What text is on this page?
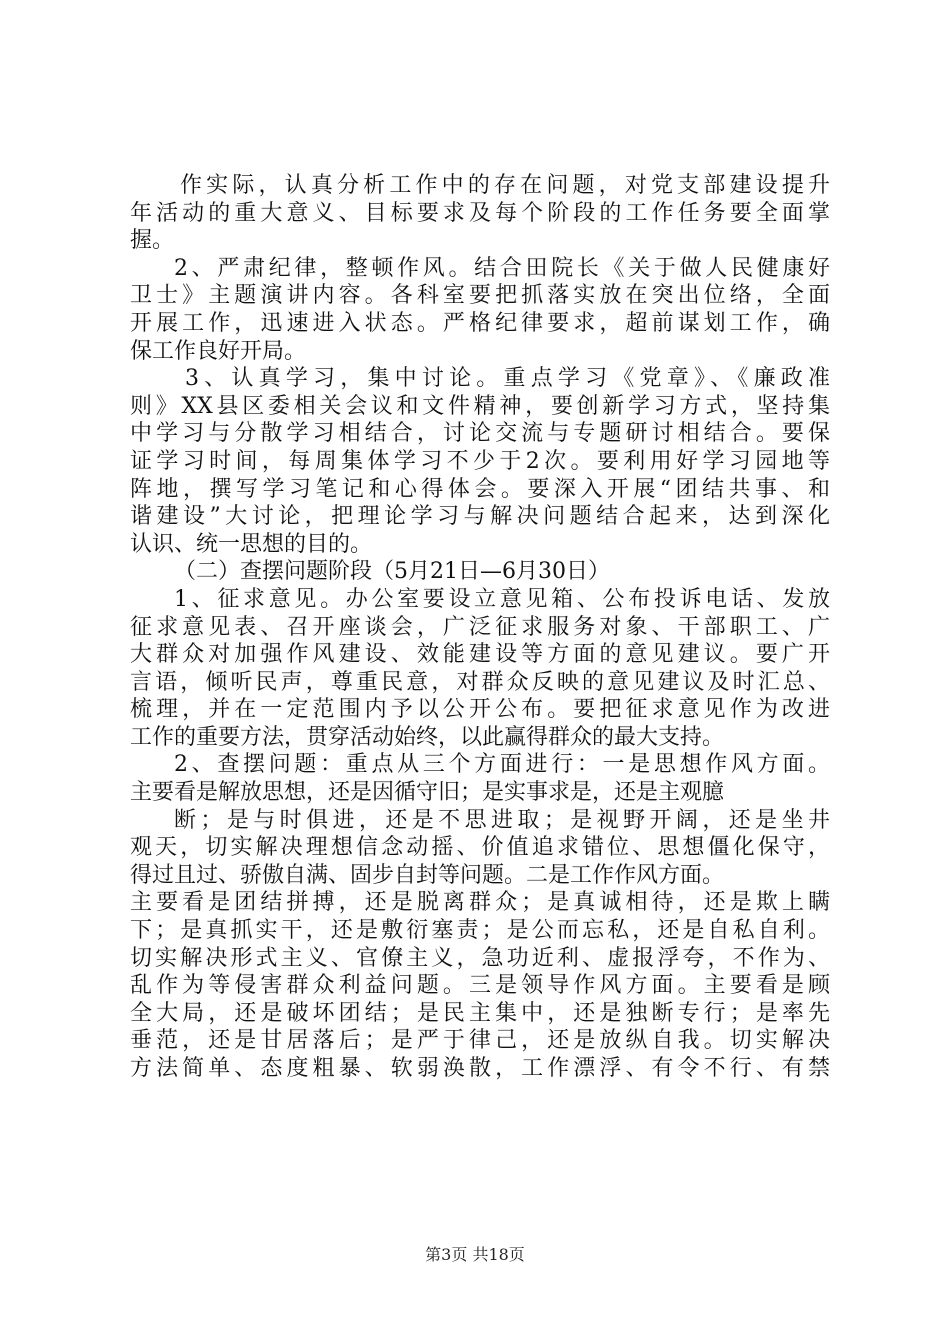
作实际，认真分析工作中的存在问题，对党支部建设提升
年活动的重大意义、目标要求及每个阶段的工作任务要全面掌
握。
2、严肃纪律，整顿作风。结合田院长《关于做人民健康好
卫士》主题演讲内容。各科室要把抓落实放在突出位络，全面
开展工作，迅速进入状态。严格纪律要求，超前谋划工作，确
保工作良好开局。
3、认真学习，集中讨论。重点学习《党章》、《廉政准
则》XX县区委相关会议和文件精神，要创新学习方式，坚持集
中学习与分散学习相结合，讨论交流与专题研讨相结合。要保
证学习时间，每周集体学习不少于2次。要利用好学习园地等
阵地，撰写学习笔记和心得体会。要深入开展“团结共事、和
谐建设”大讨论，把理论学习与解决问题结合起来，达到深化
认识、统一思想的目的。
（二）查摆问题阶段（5月21日—6月30日）
1、征求意见。办公室要设立意见箱、公布投诉电话、发放
征求意见表、召开座谈会，广泛征求服务对象、干部职工、广
大群众对加强作风建设、效能建设等方面的意见建议。要广开
言语，倾听民声，尊重民意，对群众反映的意见建议及时汇总、
梳理，并在一定范围内予以公开公布。要把征求意见作为改进
工作的重要方法，贯穿活动始终，以此赢得群众的最大支持。
2、查摆问题：重点从三个方面进行：一是思想作风方面。
主要看是解放思想，还是因循守旧；是实事求是，还是主观臆
断；是与时俱进，还是不思进取；是视野开阔，还是坐井
观天，切实解决理想信念动摇、价值追求错位、思想僵化保守，
得过且过、骄傲自满、固步自封等问题。二是工作作风方面。
主要看是团结拼搏，还是脱离群众；是真诚相待，还是欺上瞒
下；是真抓实干，还是敷衍塞责；是公而忘私，还是自私自利。
切实解决形式主义、官僚主义，急功近利、虚报浮夸，不作为、
乱作为等侵害群众利益问题。三是领导作风方面。主要看是顾
全大局，还是破坏团结；是民主集中，还是独断专行；是率先
垂范，还是甘居落后；是严于律己，还是放纵自我。切实解决
方法简单、态度粗暴、软弱涣散，工作漂浮、有令不行、有禁
第3页 共18页
